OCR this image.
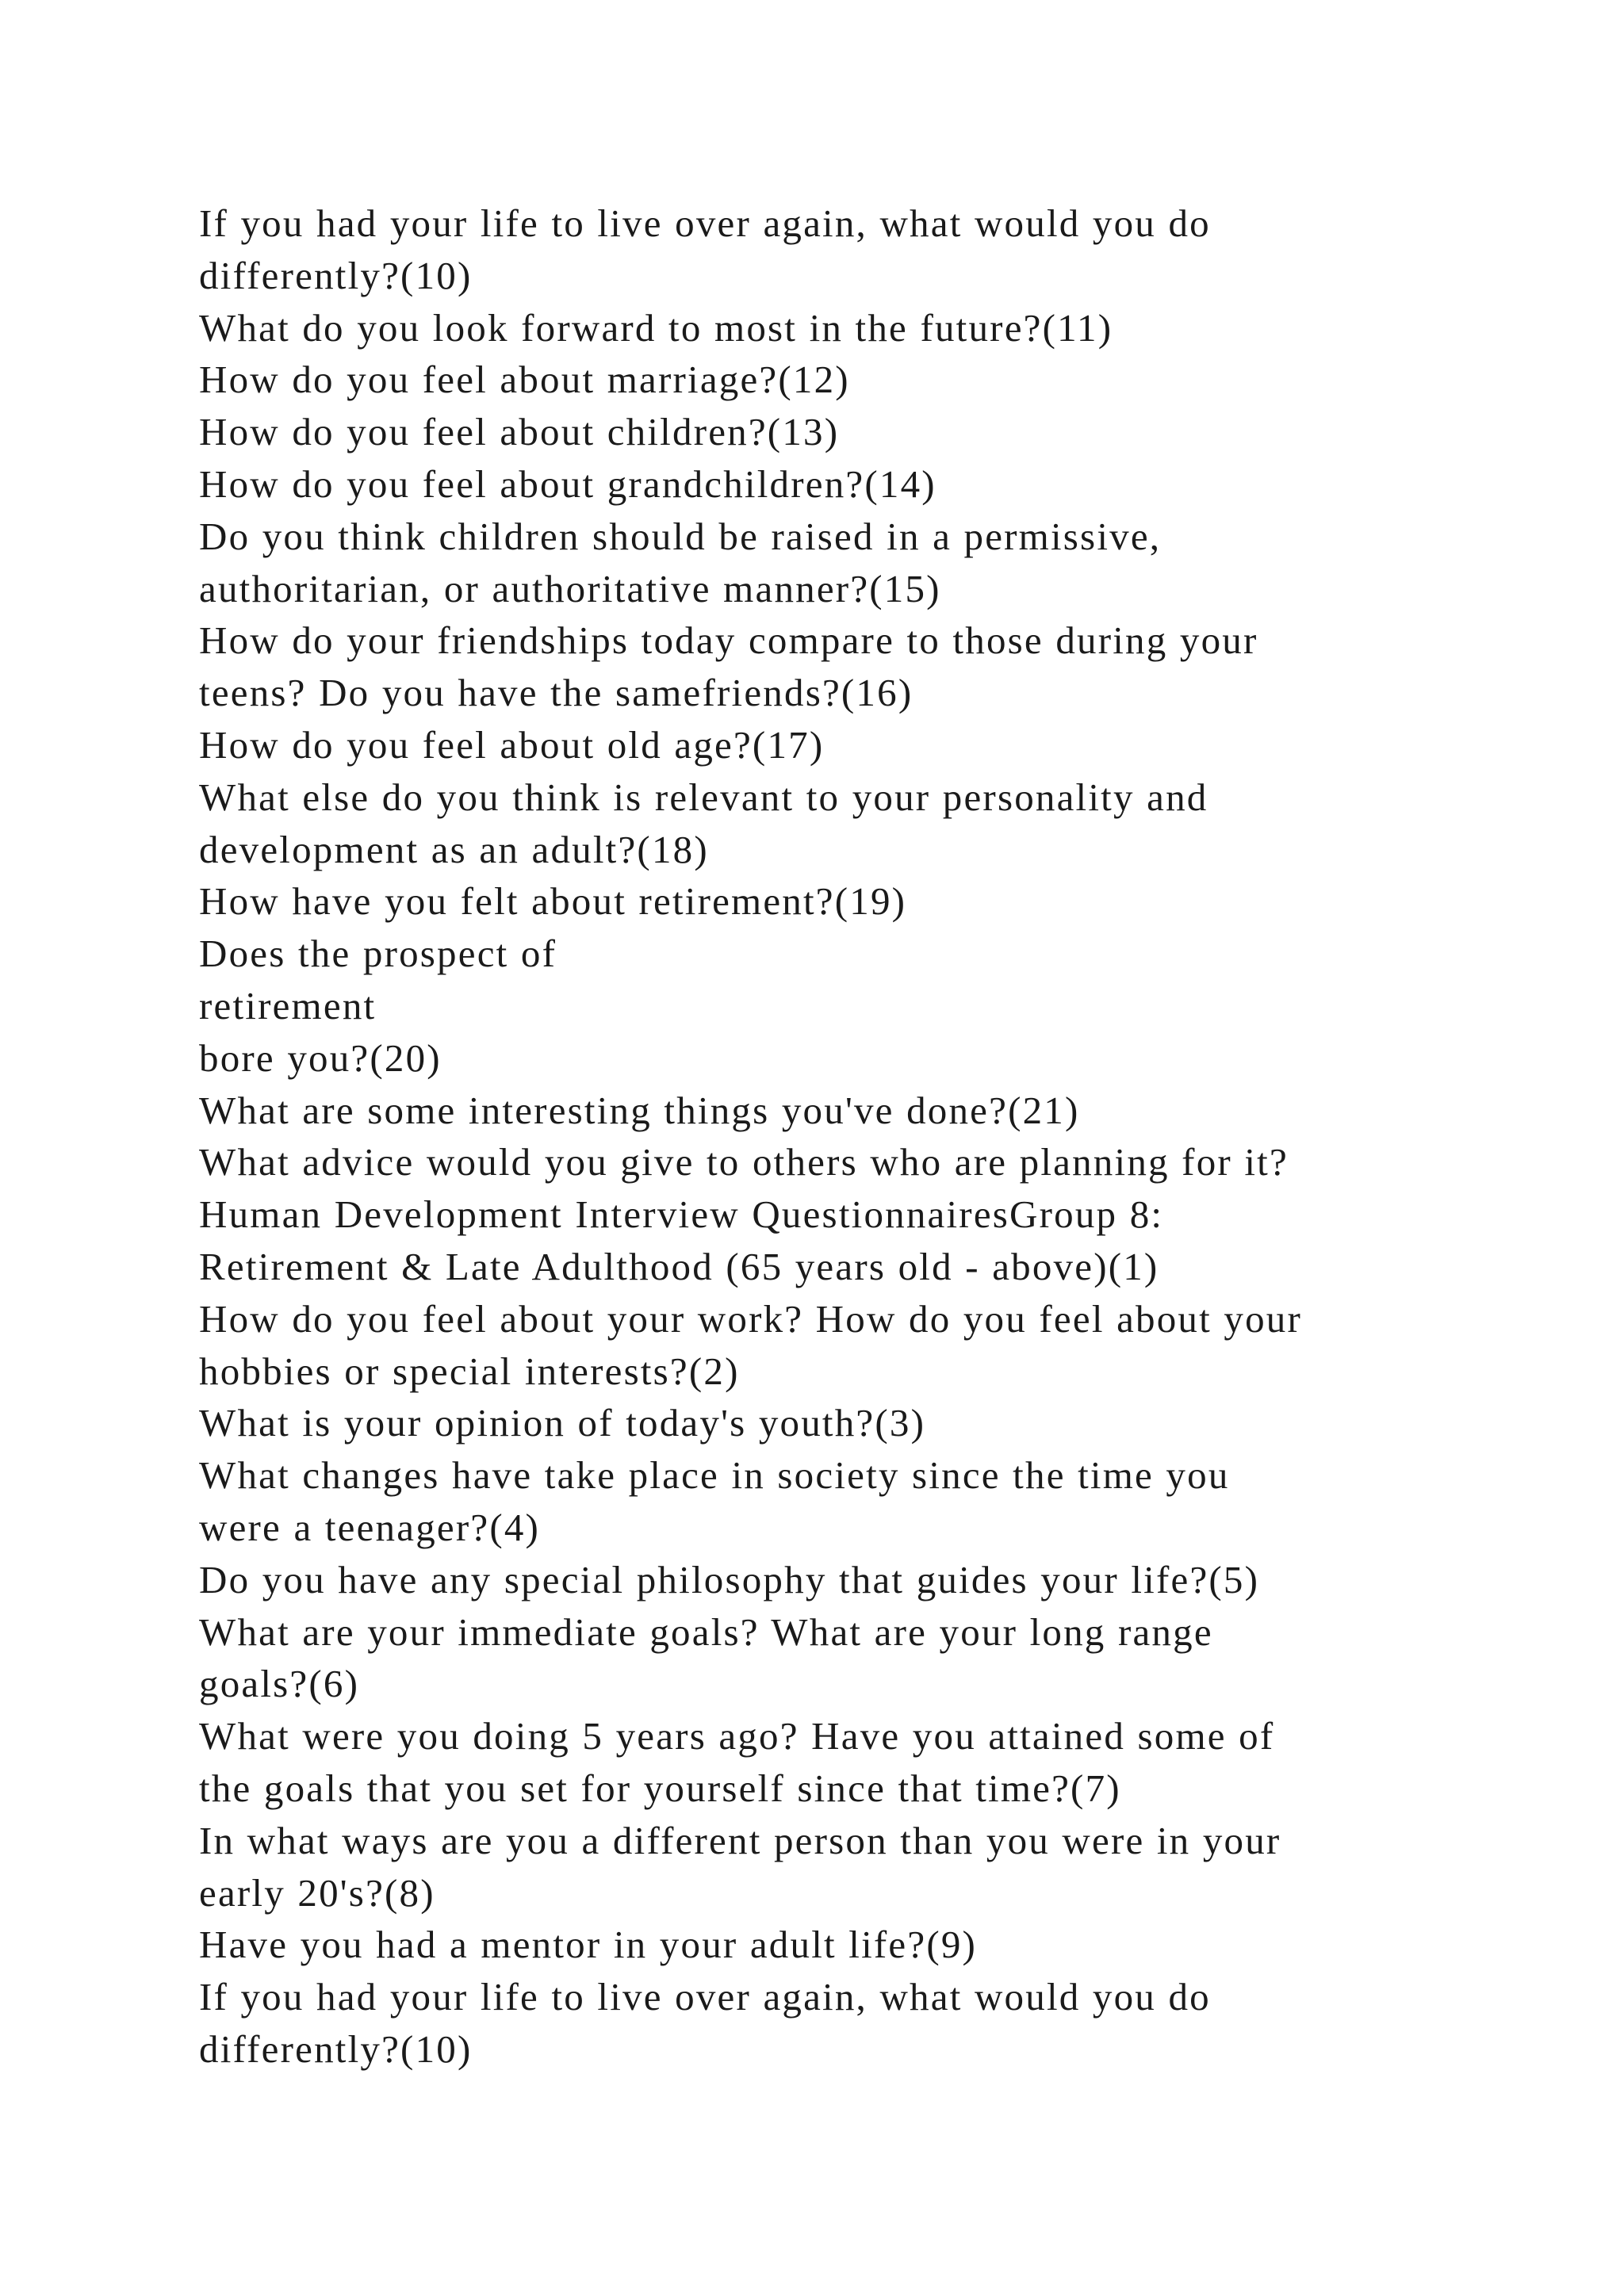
If you had your life to live over again, what would you do
differently?(10)
What do you look forward to most in the future?(11)
How do you feel about marriage?(12)
How do you feel about children?(13)
How do you feel about grandchildren?(14)
Do you think children should be raised in a permissive,
authoritarian, or authoritative manner?(15)
How do your friendships today compare to those during your
teens? Do you have the samefriends?(16)
How do you feel about old age?(17)
What else do you think is relevant to your personality and
development as an adult?(18)
How have you felt about retirement?(19)
Does the prospect of
retirement
bore you?(20)
What are some interesting things you've done?(21)
What advice would you give to others who are planning for it?
Human Development Interview QuestionnairesGroup 8:
Retirement & Late Adulthood (65 years old - above)(1)
How do you feel about your work? How do you feel about your
hobbies or special interests?(2)
What is your opinion of today's youth?(3)
What changes have take place in society since the time you
were a teenager?(4)
Do you have any special philosophy that guides your life?(5)
What are your immediate goals? What are your long range
goals?(6)
What were you doing 5 years ago? Have you attained some of
the goals that you set for yourself since that time?(7)
In what ways are you a different person than you were in your
early 20's?(8)
Have you had a mentor in your adult life?(9)
If you had your life to live over again, what would you do
differently?(10)
